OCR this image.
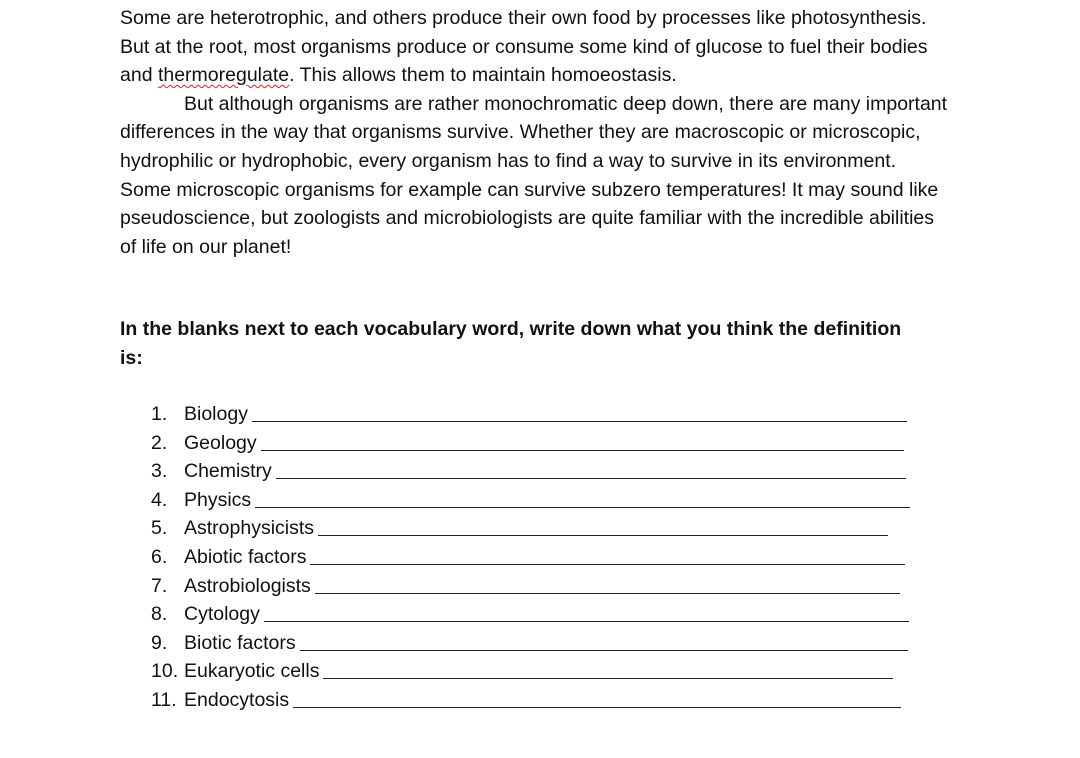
Some are heterotrophic, and others produce their own food by processes like photosynthesis. But at the root, most organisms produce or consume some kind of glucose to fuel their bodies and thermoregulate. This allows them to maintain homoeostasis.

But although organisms are rather monochromatic deep down, there are many important differences in the way that organisms survive. Whether they are macroscopic or microscopic, hydrophilic or hydrophobic, every organism has to find a way to survive in its environment. Some microscopic organisms for example can survive subzero temperatures! It may sound like pseudoscience, but zoologists and microbiologists are quite familiar with the incredible abilities of life on our planet!

In the blanks next to each vocabulary word, write down what you think the definition is:

1. Biology
2. Geology
3. Chemistry
4. Physics
5. Astrophysicists
6. Abiotic factors
7. Astrobiologists
8. Cytology
9. Biotic factors
10. Eukaryotic cells
11. Endocytosis
